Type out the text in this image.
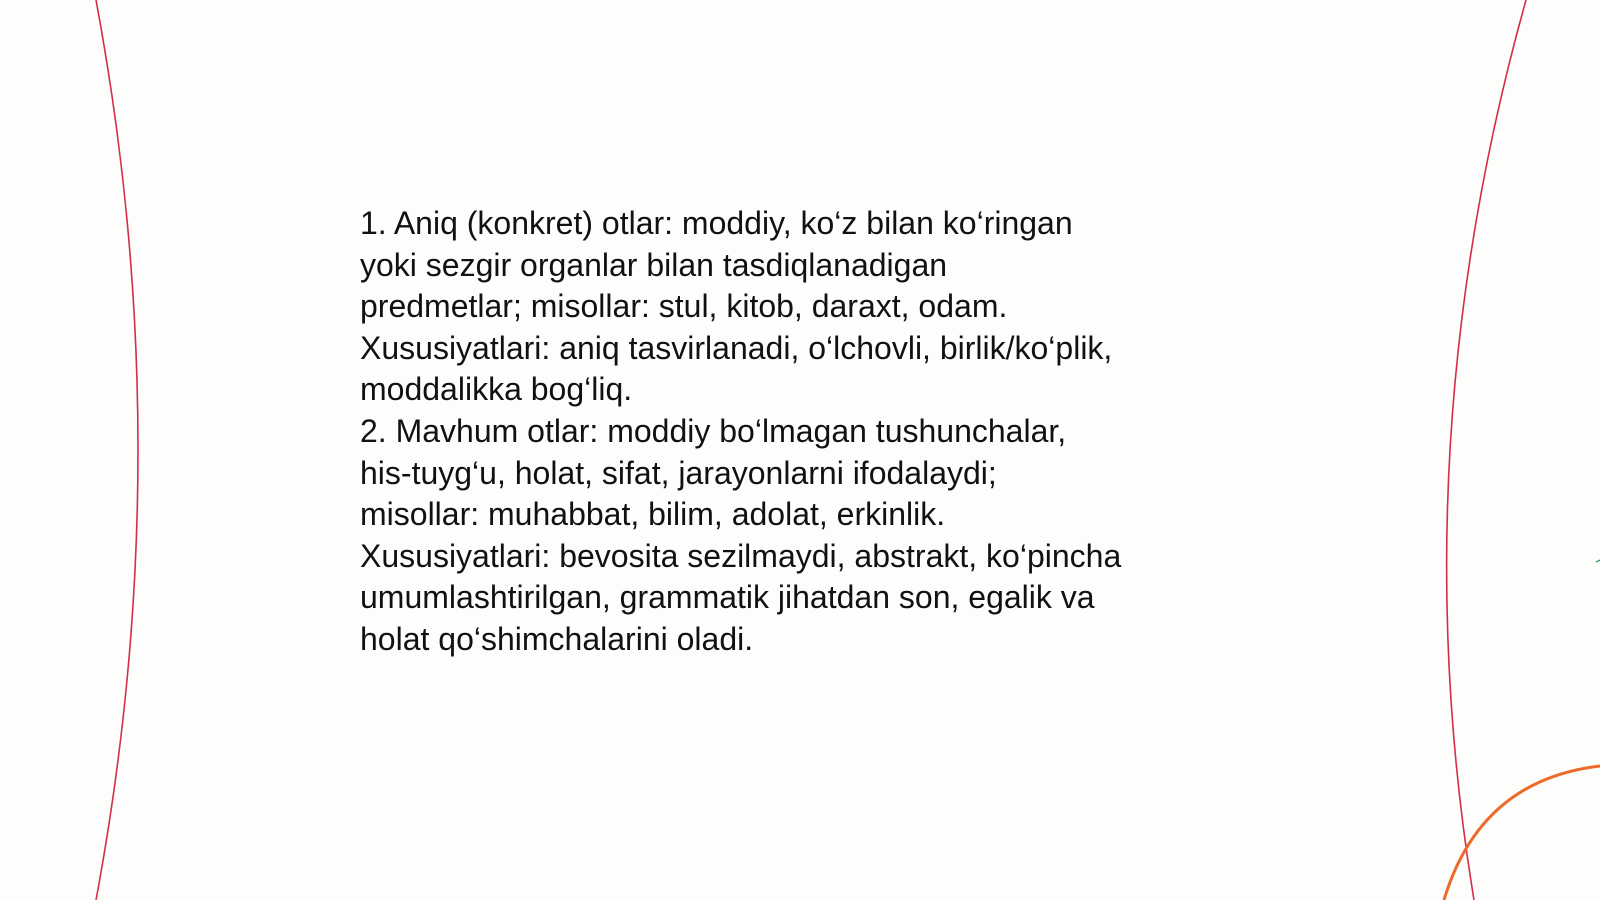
1. Aniq (konkret) otlar: moddiy, ko‘z bilan ko‘ringan
yoki sezgir organlar bilan tasdiqlanadigan
predmetlar; misollar: stul, kitob, daraxt, odam.
Xususiyatlari: aniq tasvirlanadi, o‘lchovli, birlik/ko‘plik,
moddalikka bog‘liq.
2. Mavhum otlar: moddiy bo‘lmagan tushunchalar,
his-tuyg‘u, holat, sifat, jarayonlarni ifodalaydi;
misollar: muhabbat, bilim, adolat, erkinlik.
Xususiyatlari: bevosita sezilmaydi, abstrakt, ko‘pincha
umumlashtirilgan, grammatik jihatdan son, egalik va
holat qo‘shimchalarini oladi.
